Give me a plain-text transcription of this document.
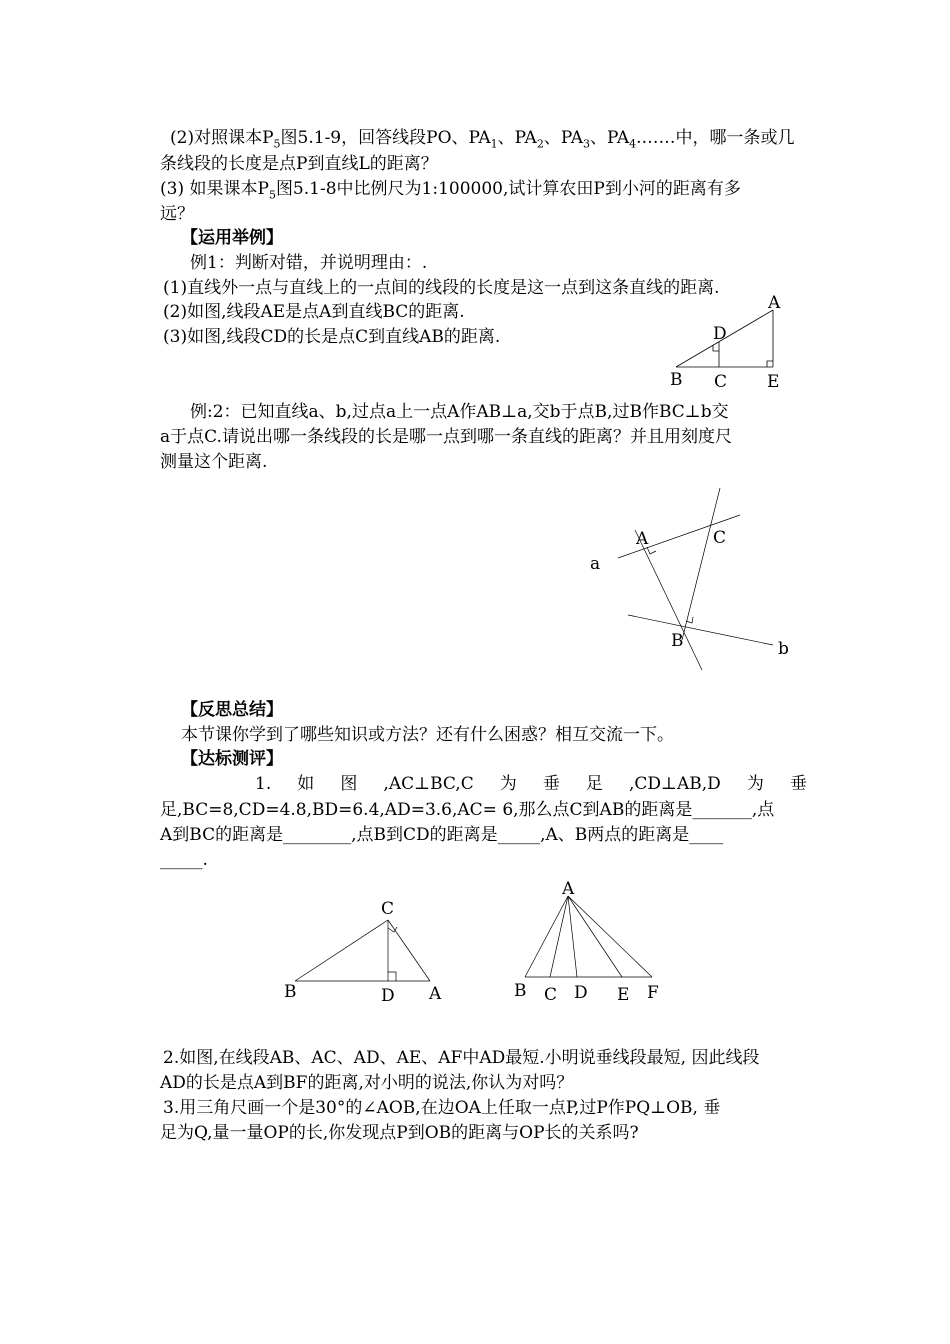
(2)对照课本$P_5$图5.1-9，回答线段PO、$PA_1$、$PA_2$、$PA_3$、$PA_4.\dots\dots$中，哪一条或几
条线段的长度是点P到直线L的距离？
(3) 如果课本$P_5$图5.1-8中比例尺为1:100000,试计算农田P到小河的距离有多
远？
【运用举例】
例1：判断对错，并说明理由：.
(1)直线外一点与直线上的一点间的线段的长度是这一点到这条直线的距离.
(2)如图,线段AE是点A到直线BC的距离.
(3)如图,线段CD的长是点C到直线AB的距离.
A
D
B C E
例:2：已知直线a、b,过点a上一点A作AB⊥a,交b于点B,过B作BC⊥b交
a于点C.请说出哪一条线段的长是哪一点到哪一条直线的距离？并且用刻度尺
测量这个距离.
A	C
a
B	b
【反思总结】
本节课你学到了哪些知识或方法？还有什么困惑？相互交流一下。
【达标测评】
1. 如 图 ,AC⊥BC,C 为 垂 足 ,CD⊥AB,D 为 垂
足,BC=8,CD=4.8,BD=6.4,AD=3.6,AC= 6,那么点C到AB的距离是_______,点
A到BC的距离是________,点B到CD的距离是_____,A、B两点的距离是____
_____.
C
B	D A
A
B C D E F
2.如图,在线段AB、AC、AD、AE、AF中AD最短.小明说垂线段最短, 因此线段
AD的长是点A到BF的距离,对小明的说法,你认为对吗？
3.用三角尺画一个是30°的∠AOB,在边OA上任取一点P,过P作PQ⊥OB, 垂
足为Q,量一量OP的长,你发现点P到OB的距离与OP长的关系吗?
